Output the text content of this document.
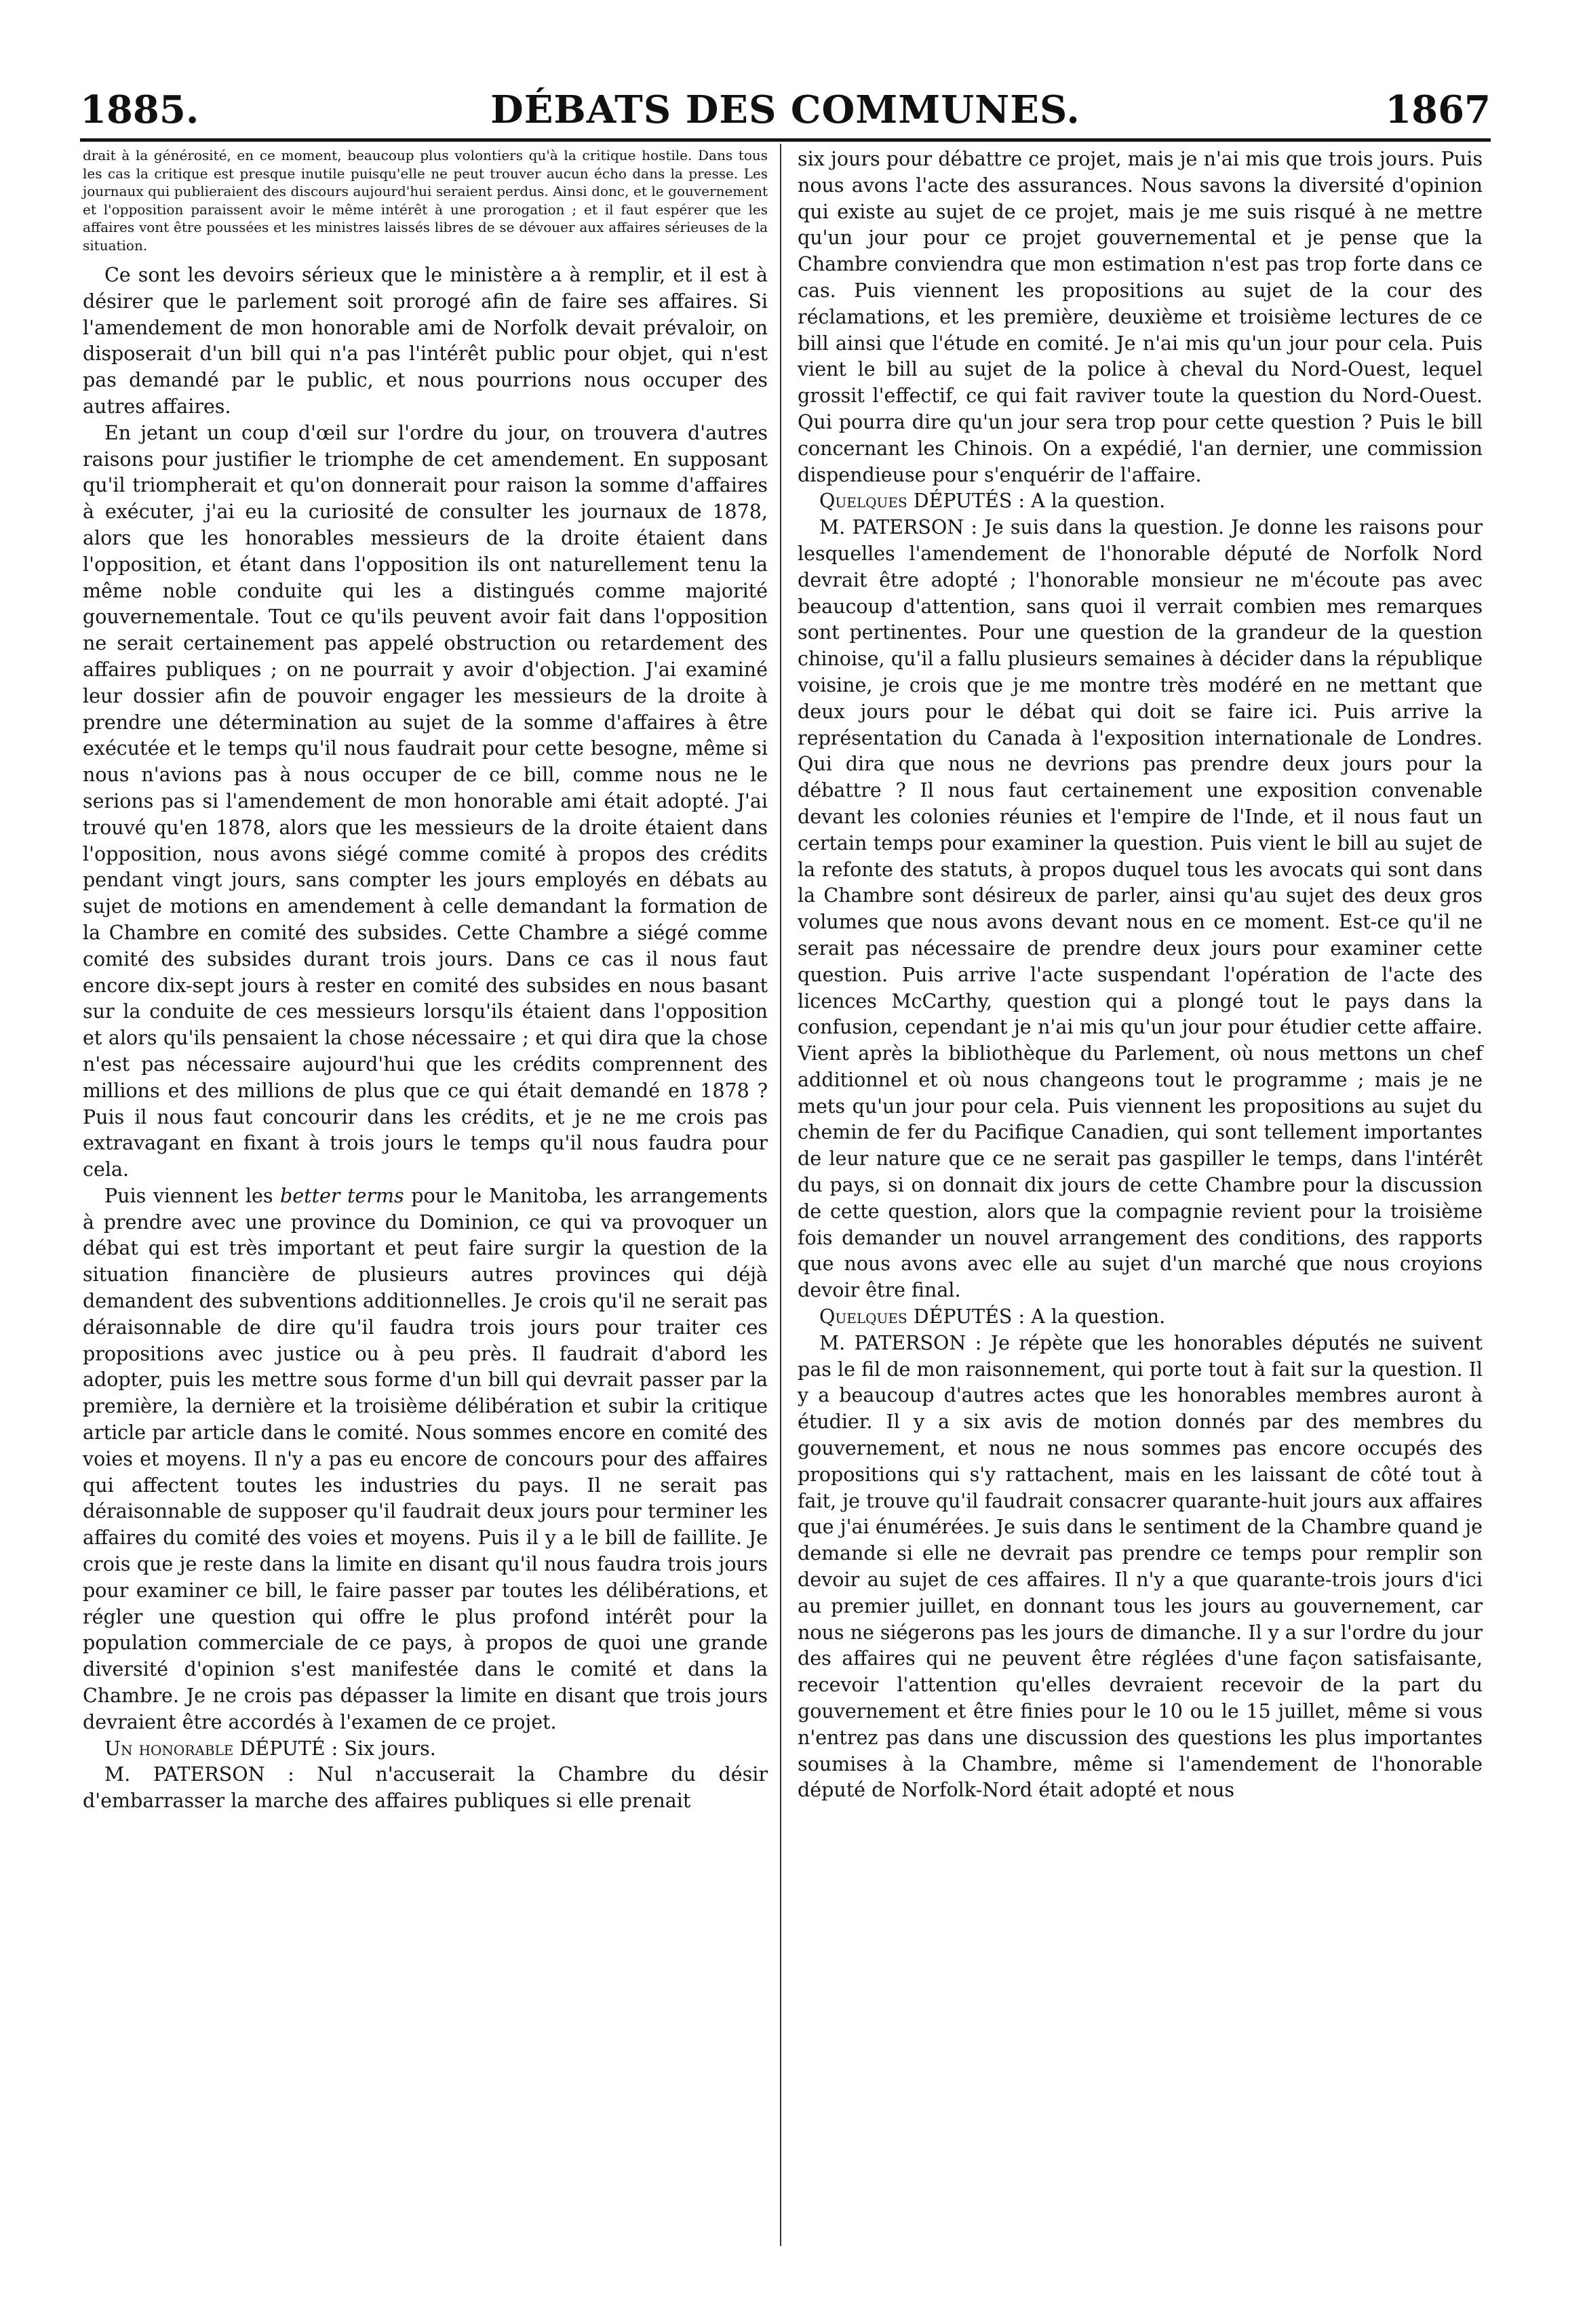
1885.	DÉBATS DES COMMUNES.	1867

drait à la générosité, en ce moment, beaucoup plus volontiers qu'à la critique hostile. Dans tous les cas la critique est presque inutile puisqu'elle ne peut trouver aucun écho dans la presse. Les journaux qui publieraient des discours aujourd'hui seraient perdus. Ainsi donc, et le gouvernement et l'opposition paraissent avoir le même intérêt à une prorogation ; et il faut espérer que les affaires vont être poussées et les ministres laissés libres de se dévouer aux affaires sérieuses de la situation.

Ce sont les devoirs sérieux que le ministère a à remplir, et il est à désirer que le parlement soit prorogé afin de faire ses affaires. Si l'amendement de mon honorable ami de Norfolk devait prévaloir, on disposerait d'un bill qui n'a pas l'intérêt public pour objet, qui n'est pas demandé par le public, et nous pourrions nous occuper des autres affaires.

En jetant un coup d'œil sur l'ordre du jour, on trouvera d'autres raisons pour justifier le triomphe de cet amendement. En supposant qu'il triompherait et qu'on donnerait pour raison la somme d'affaires à exécuter, j'ai eu la curiosité de consulter les journaux de 1878, alors que les honorables messieurs de la droite étaient dans l'opposition, et étant dans l'opposition ils ont naturellement tenu la même noble conduite qui les a distingués comme majorité gouvernementale. Tout ce qu'ils peuvent avoir fait dans l'opposition ne serait certainement pas appelé obstruction ou retardement des affaires publiques ; on ne pourrait y avoir d'objection. J'ai examiné leur dossier afin de pouvoir engager les messieurs de la droite à prendre une détermination au sujet de la somme d'affaires à être exécutée et le temps qu'il nous faudrait pour cette besogne, même si nous n'avions pas à nous occuper de ce bill, comme nous ne le serions pas si l'amendement de mon honorable ami était adopté. J'ai trouvé qu'en 1878, alors que les messieurs de la droite étaient dans l'opposition, nous avons siégé comme comité à propos des crédits pendant vingt jours, sans compter les jours employés en débats au sujet de motions en amendement à celle demandant la formation de la Chambre en comité des subsides. Cette Chambre a siégé comme comité des subsides durant trois jours. Dans ce cas il nous faut encore dix-sept jours à rester en comité des subsides en nous basant sur la conduite de ces messieurs lorsqu'ils étaient dans l'opposition et alors qu'ils pensaient la chose nécessaire ; et qui dira que la chose n'est pas nécessaire aujourd'hui que les crédits comprennent des millions et des millions de plus que ce qui était demandé en 1878 ? Puis il nous faut concourir dans les crédits, et je ne me crois pas extravagant en fixant à trois jours le temps qu'il nous faudra pour cela.

Puis viennent les better terms pour le Manitoba, les arrangements à prendre avec une province du Dominion, ce qui va provoquer un débat qui est très important et peut faire surgir la question de la situation financière de plusieurs autres provinces qui déjà demandent des subventions additionnelles. Je crois qu'il ne serait pas déraisonnable de dire qu'il faudra trois jours pour traiter ces propositions avec justice ou à peu près. Il faudrait d'abord les adopter, puis les mettre sous forme d'un bill qui devrait passer par la première, la dernière et la troisième délibération et subir la critique article par article dans le comité. Nous sommes encore en comité des voies et moyens. Il n'y a pas eu encore de concours pour des affaires qui affectent toutes les industries du pays. Il ne serait pas déraisonnable de supposer qu'il faudrait deux jours pour terminer les affaires du comité des voies et moyens. Puis il y a le bill de faillite. Je crois que je reste dans la limite en disant qu'il nous faudra trois jours pour examiner ce bill, le faire passer par toutes les délibérations, et régler une question qui offre le plus profond intérêt pour la population commerciale de ce pays, à propos de quoi une grande diversité d'opinion s'est manifestée dans le comité et dans la Chambre. Je ne crois pas dépasser la limite en disant que trois jours devraient être accordés à l'examen de ce projet.

Un honorable DÉPUTÉ : Six jours.

M. PATERSON : Nul n'accuserait la Chambre du désir d'embarrasser la marche des affaires publiques si elle prenait

six jours pour débattre ce projet, mais je n'ai mis que trois jours. Puis nous avons l'acte des assurances. Nous savons la diversité d'opinion qui existe au sujet de ce projet, mais je me suis risqué à ne mettre qu'un jour pour ce projet gouvernemental et je pense que la Chambre conviendra que mon estimation n'est pas trop forte dans ce cas. Puis viennent les propositions au sujet de la cour des réclamations, et les première, deuxième et troisième lectures de ce bill ainsi que l'étude en comité. Je n'ai mis qu'un jour pour cela. Puis vient le bill au sujet de la police à cheval du Nord-Ouest, lequel grossit l'effectif, ce qui fait raviver toute la question du Nord-Ouest. Qui pourra dire qu'un jour sera trop pour cette question ? Puis le bill concernant les Chinois. On a expédié, l'an dernier, une commission dispendieuse pour s'enquérir de l'affaire.

Quelques DÉPUTÉS : A la question.

M. PATERSON : Je suis dans la question. Je donne les raisons pour lesquelles l'amendement de l'honorable député de Norfolk Nord devrait être adopté ; l'honorable monsieur ne m'écoute pas avec beaucoup d'attention, sans quoi il verrait combien mes remarques sont pertinentes. Pour une question de la grandeur de la question chinoise, qu'il a fallu plusieurs semaines à décider dans la république voisine, je crois que je me montre très modéré en ne mettant que deux jours pour le débat qui doit se faire ici. Puis arrive la représentation du Canada à l'exposition internationale de Londres. Qui dira que nous ne devrions pas prendre deux jours pour la débattre ? Il nous faut certainement une exposition convenable devant les colonies réunies et l'empire de l'Inde, et il nous faut un certain temps pour examiner la question. Puis vient le bill au sujet de la refonte des statuts, à propos duquel tous les avocats qui sont dans la Chambre sont désireux de parler, ainsi qu'au sujet des deux gros volumes que nous avons devant nous en ce moment. Est-ce qu'il ne serait pas nécessaire de prendre deux jours pour examiner cette question. Puis arrive l'acte suspendant l'opération de l'acte des licences McCarthy, question qui a plongé tout le pays dans la confusion, cependant je n'ai mis qu'un jour pour étudier cette affaire. Vient après la bibliothèque du Parlement, où nous mettons un chef additionnel et où nous changeons tout le programme ; mais je ne mets qu'un jour pour cela. Puis viennent les propositions au sujet du chemin de fer du Pacifique Canadien, qui sont tellement importantes de leur nature que ce ne serait pas gaspiller le temps, dans l'intérêt du pays, si on donnait dix jours de cette Chambre pour la discussion de cette question, alors que la compagnie revient pour la troisième fois demander un nouvel arrangement des conditions, des rapports que nous avons avec elle au sujet d'un marché que nous croyions devoir être final.

Quelques DÉPUTÉS : A la question.

M. PATERSON : Je répète que les honorables députés ne suivent pas le fil de mon raisonnement, qui porte tout à fait sur la question. Il y a beaucoup d'autres actes que les honorables membres auront à étudier. Il y a six avis de motion donnés par des membres du gouvernement, et nous ne nous sommes pas encore occupés des propositions qui s'y rattachent, mais en les laissant de côté tout à fait, je trouve qu'il faudrait consacrer quarante-huit jours aux affaires que j'ai énumérées. Je suis dans le sentiment de la Chambre quand je demande si elle ne devrait pas prendre ce temps pour remplir son devoir au sujet de ces affaires. Il n'y a que quarante-trois jours d'ici au premier juillet, en donnant tous les jours au gouvernement, car nous ne siégerons pas les jours de dimanche. Il y a sur l'ordre du jour des affaires qui ne peuvent être réglées d'une façon satisfaisante, recevoir l'attention qu'elles devraient recevoir de la part du gouvernement et être finies pour le 10 ou le 15 juillet, même si vous n'entrez pas dans une discussion des questions les plus importantes soumises à la Chambre, même si l'amendement de l'honorable député de Norfolk-Nord était adopté et nous
